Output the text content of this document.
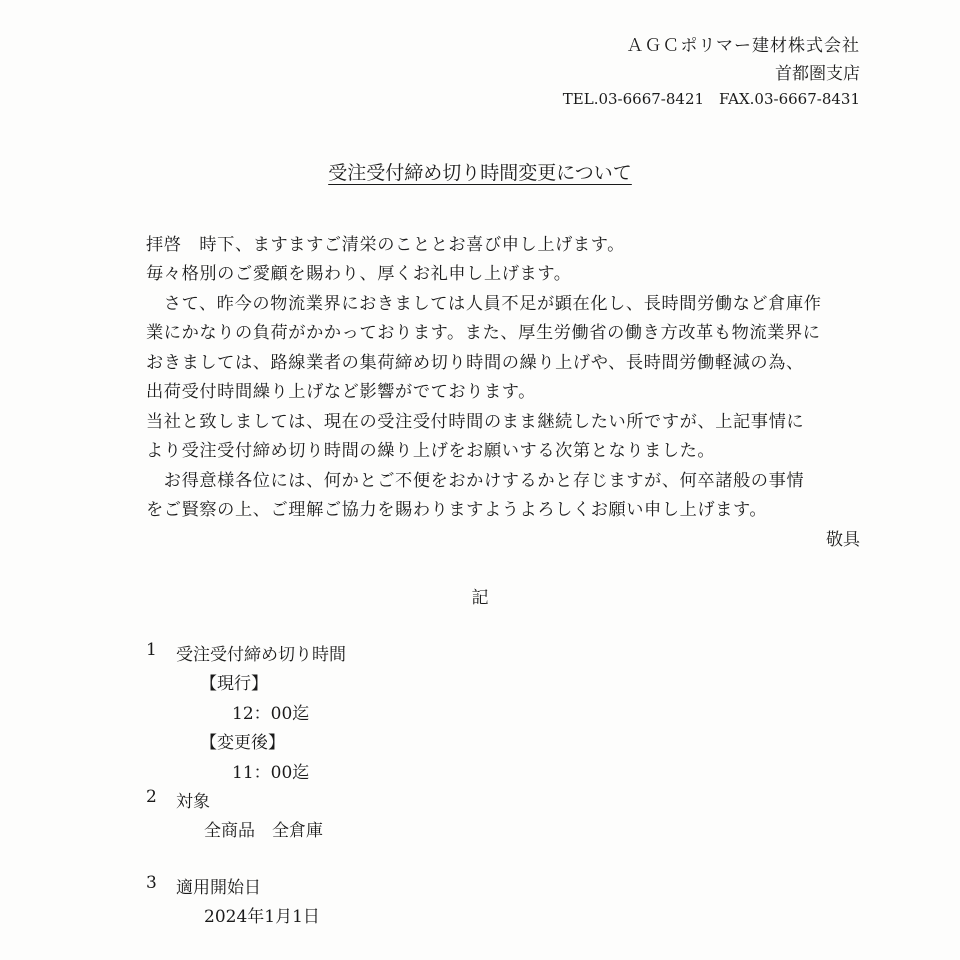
ＡＧＣポリマー建材株式会社
首都圏支店
TEL.03-6667-8421　FAX.03-6667-8431
受注受付締め切り時間変更について
拝啓　時下、ますますご清栄のこととお喜び申し上げます。
毎々格別のご愛顧を賜わり、厚くお礼申し上げます。
　さて、昨今の物流業界におきましては人員不足が顕在化し、長時間労働など倉庫作
業にかなりの負荷がかかっております。また、厚生労働省の働き方改革も物流業界に
おきましては、路線業者の集荷締め切り時間の繰り上げや、長時間労働軽減の為、
出荷受付時間繰り上げなど影響がでております。
当社と致しましては、現在の受注受付時間のまま継続したい所ですが、上記事情に
より受注受付締め切り時間の繰り上げをお願いする次第となりました。
　お得意様各位には、何かとご不便をおかけするかと存じますが、何卒諸般の事情
をご賢察の上、ご理解ご協力を賜わりますようよろしくお願い申し上げます。
敬具
記
1 受注受付締め切り時間
【現行】
12：00迄
【変更後】
11：00迄
2 対象
全商品　全倉庫
3 適用開始日
2024年1月1日
